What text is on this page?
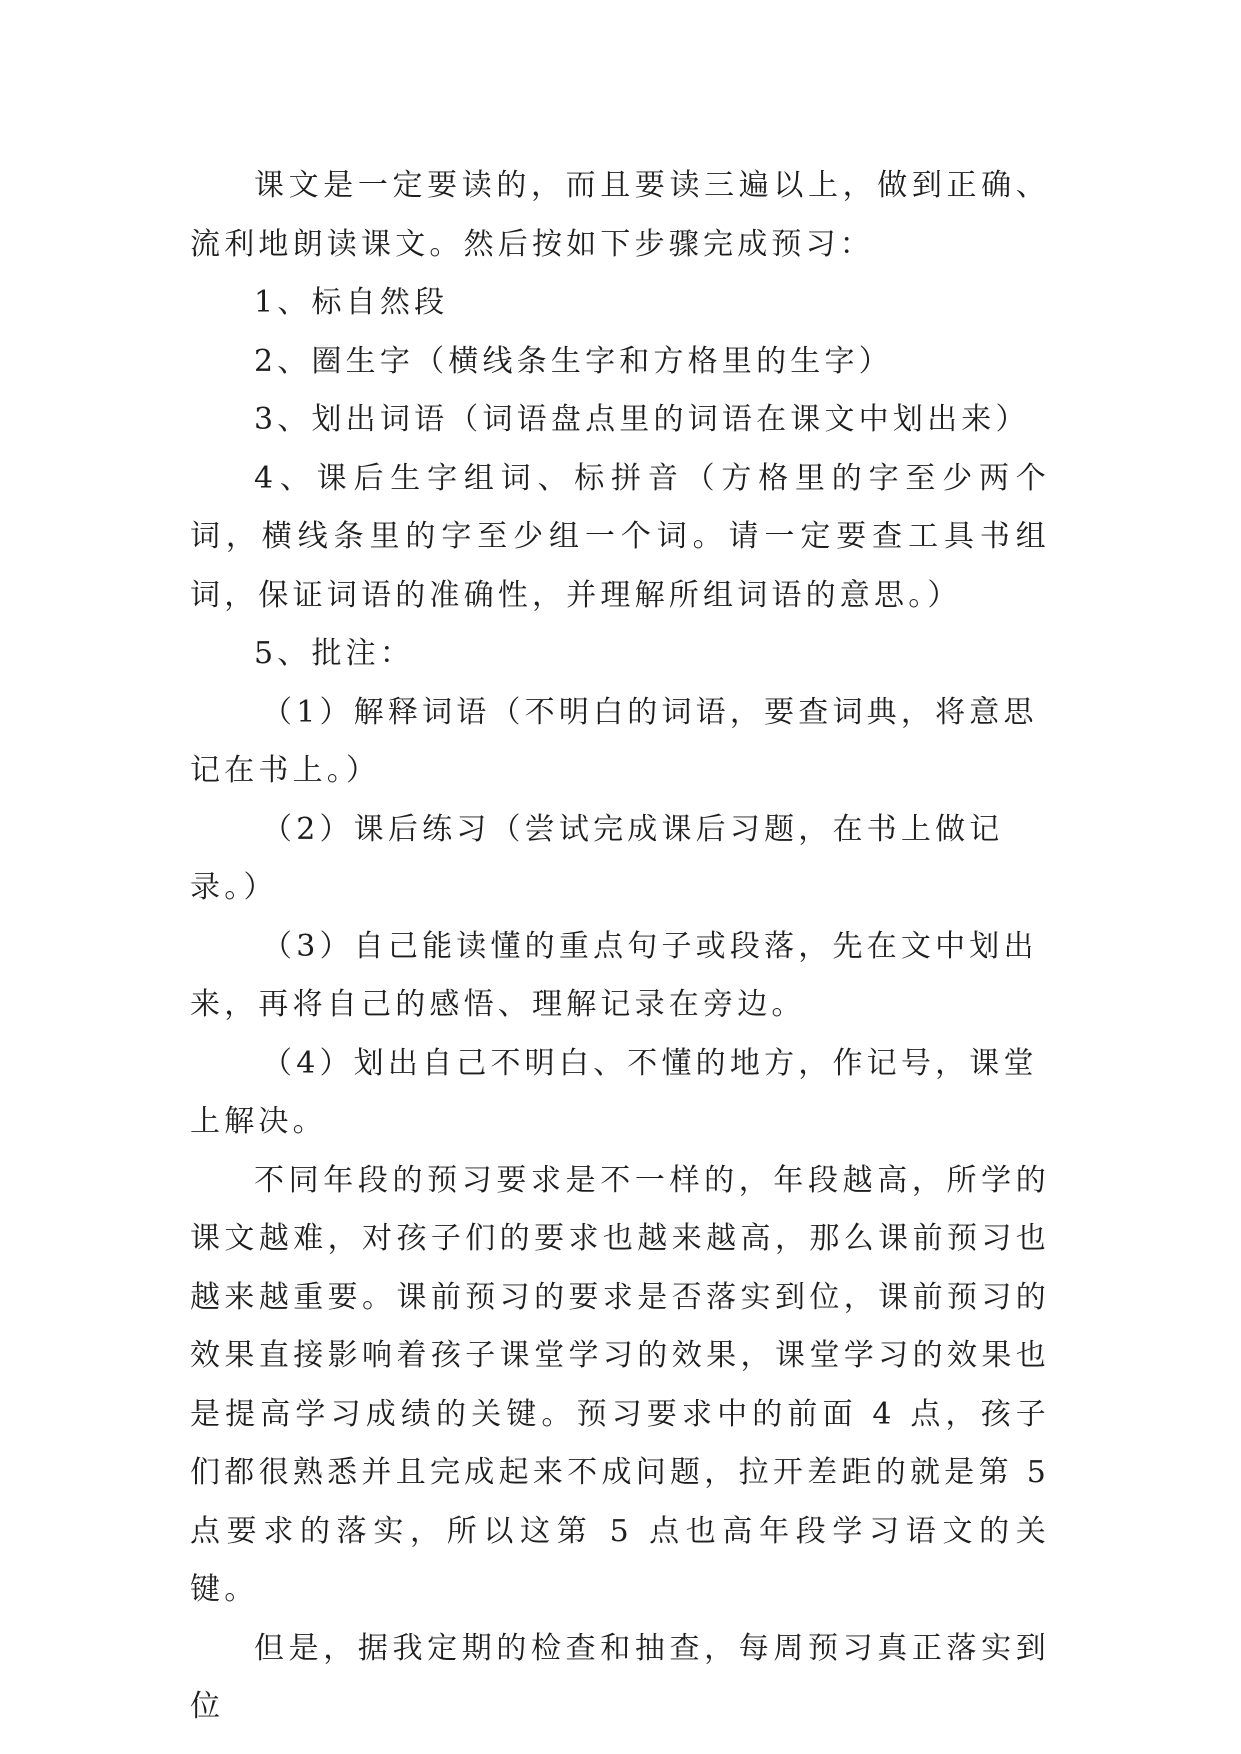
课文是一定要读的，而且要读三遍以上，做到正确、流利地朗读课文。然后按如下步骤完成预习：

1、标自然段

2、圈生字（横线条生字和方格里的生字）

3、划出词语（词语盘点里的词语在课文中划出来）

4、课后生字组词、标拼音（方格里的字至少两个词，横线条里的字至少组一个词。请一定要查工具书组词，保证词语的准确性，并理解所组词语的意思。）

5、批注：

（1）解释词语（不明白的词语，要查词典，将意思记在书上。）

（2）课后练习（尝试完成课后习题，在书上做记录。）

（3）自己能读懂的重点句子或段落，先在文中划出来，再将自己的感悟、理解记录在旁边。

（4）划出自己不明白、不懂的地方，作记号，课堂上解决。

不同年段的预习要求是不一样的，年段越高，所学的课文越难，对孩子们的要求也越来越高，那么课前预习也越来越重要。课前预习的要求是否落实到位，课前预习的效果直接影响着孩子课堂学习的效果，课堂学习的效果也是提高学习成绩的关键。预习要求中的前面 4 点，孩子们都很熟悉并且完成起来不成问题，拉开差距的就是第 5 点要求的落实，所以这第 5 点也高年段学习语文的关键。

但是，据我定期的检查和抽查，每周预习真正落实到位
